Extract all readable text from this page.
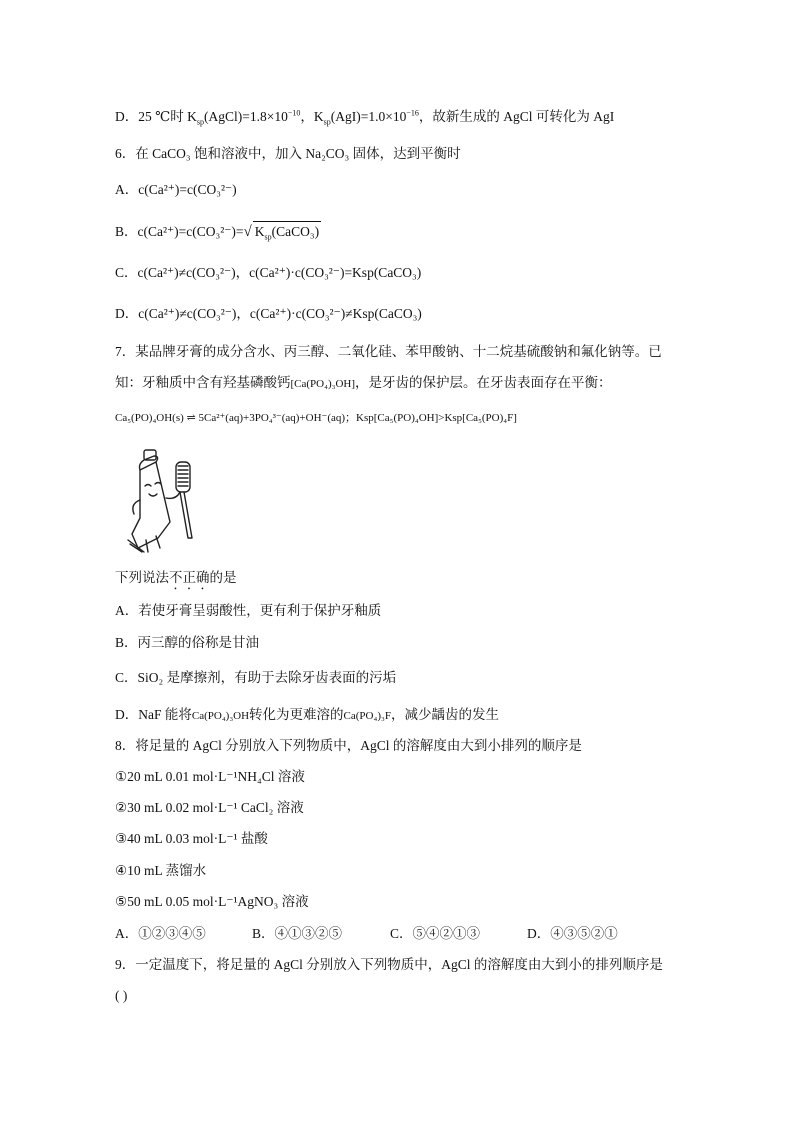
D．25 ℃时 $K_{sp}(AgCl)=1.8\times 10^{-10}$，$K_{sp}(AgI)=1.0\times 10^{-16}$，故新生成的 AgCl 可转化为 AgI
6．在 CaCO₃ 饱和溶液中，加入 Na₂CO₃ 固体，达到平衡时
A．c(Ca²⁺)=c(CO₃²⁻)
B．c(Ca²⁺)=c(CO₃²⁻)=√ $K_{sp}(CaCO_3)$
C．c(Ca²⁺)≠c(CO₃²⁻)，c(Ca²⁺)·c(CO₃²⁻)=Ksp(CaCO₃)
D．c(Ca²⁺)≠c(CO₃²⁻)，c(Ca²⁺)·c(CO₃²⁻)≠Ksp(CaCO₃)
7．某品牌牙膏的成分含水、丙三醇、二氧化硅、苯甲酸钠、十二烷基硫酸钠和氟化钠等。已
知：牙釉质中含有羟基磷酸钙[Ca(PO₄)₃OH]，是牙齿的保护层。在牙齿表面存在平衡：
Ca₅(PO)₄OH(s) ⇌ 5Ca²⁺(aq)+3PO₄³⁻(aq)+OH⁻(aq)；Ksp[Ca₅(PO)₄OH]>Ksp[Ca₅(PO)₄F]
下列说法不正确的是
A．若使牙膏呈弱酸性，更有利于保护牙釉质
B．丙三醇的俗称是甘油
C．SiO₂ 是摩擦剂，有助于去除牙齿表面的污垢
D．NaF 能将Ca(PO₄)₃OH转化为更难溶的Ca(PO₄)₃F，减少龋齿的发生
8．将足量的 AgCl 分别放入下列物质中，AgCl 的溶解度由大到小排列的顺序是
①20 mL 0.01 mol·L⁻¹NH₄Cl 溶液
②30 mL 0.02 mol·L⁻¹ CaCl₂ 溶液
③40 mL 0.03 mol·L⁻¹ 盐酸
④10 mL 蒸馏水
⑤50 mL 0.05 mol·L⁻¹AgNO₃ 溶液
A．①②③④⑤	B．④①③②⑤	C．⑤④②①③	D．④③⑤②①
9．一定温度下，将足量的 AgCl 分别放入下列物质中，AgCl 的溶解度由大到小的排列顺序是
( )
